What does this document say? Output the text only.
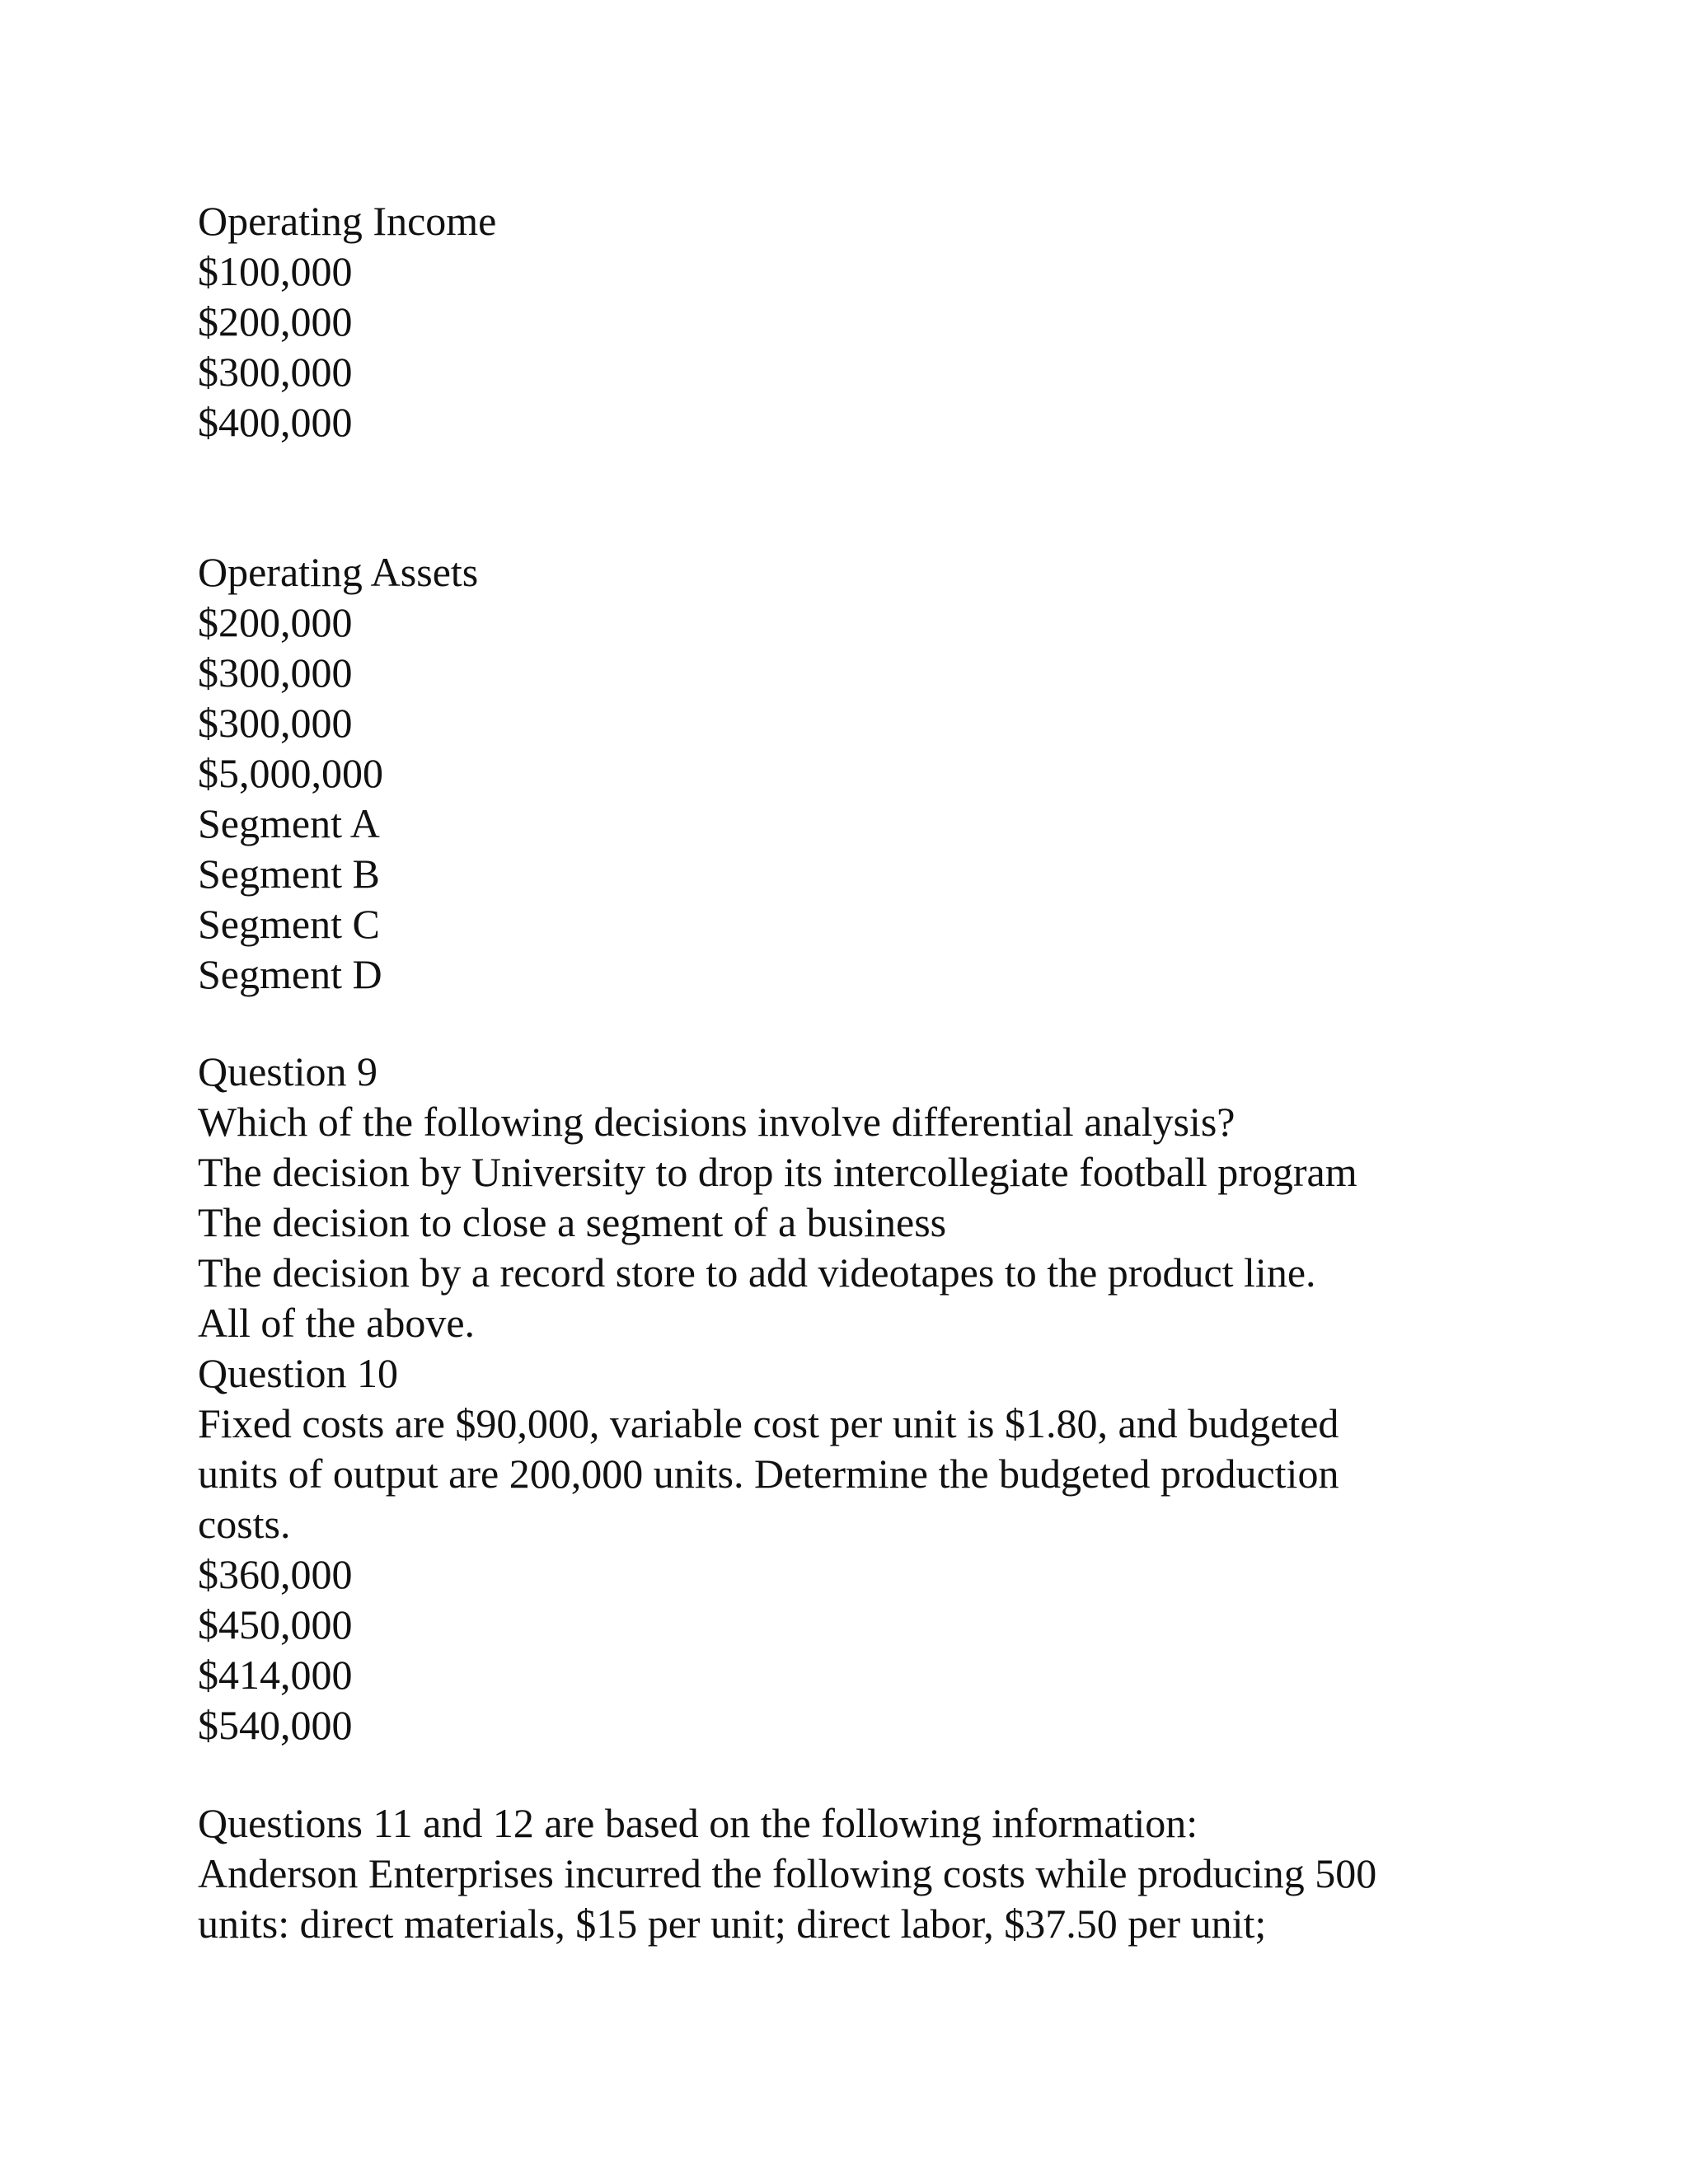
Operating Income
$100,000
$200,000
$300,000
$400,000
Operating Assets
$200,000
$300,000
$300,000
$5,000,000
Segment A
Segment B
Segment C
Segment D
Question 9
Which of the following decisions involve differential analysis?
The decision by University to drop its intercollegiate football program
The decision to close a segment of a business
The decision by a record store to add videotapes to the product line.
All of the above.
Question 10
Fixed costs are $90,000, variable cost per unit is $1.80, and budgeted
units of output are 200,000 units. Determine the budgeted production
costs.
$360,000
$450,000
$414,000
$540,000
Questions 11 and 12 are based on the following information:
Anderson Enterprises incurred the following costs while producing 500
units: direct materials, $15 per unit; direct labor, $37.50 per unit;
